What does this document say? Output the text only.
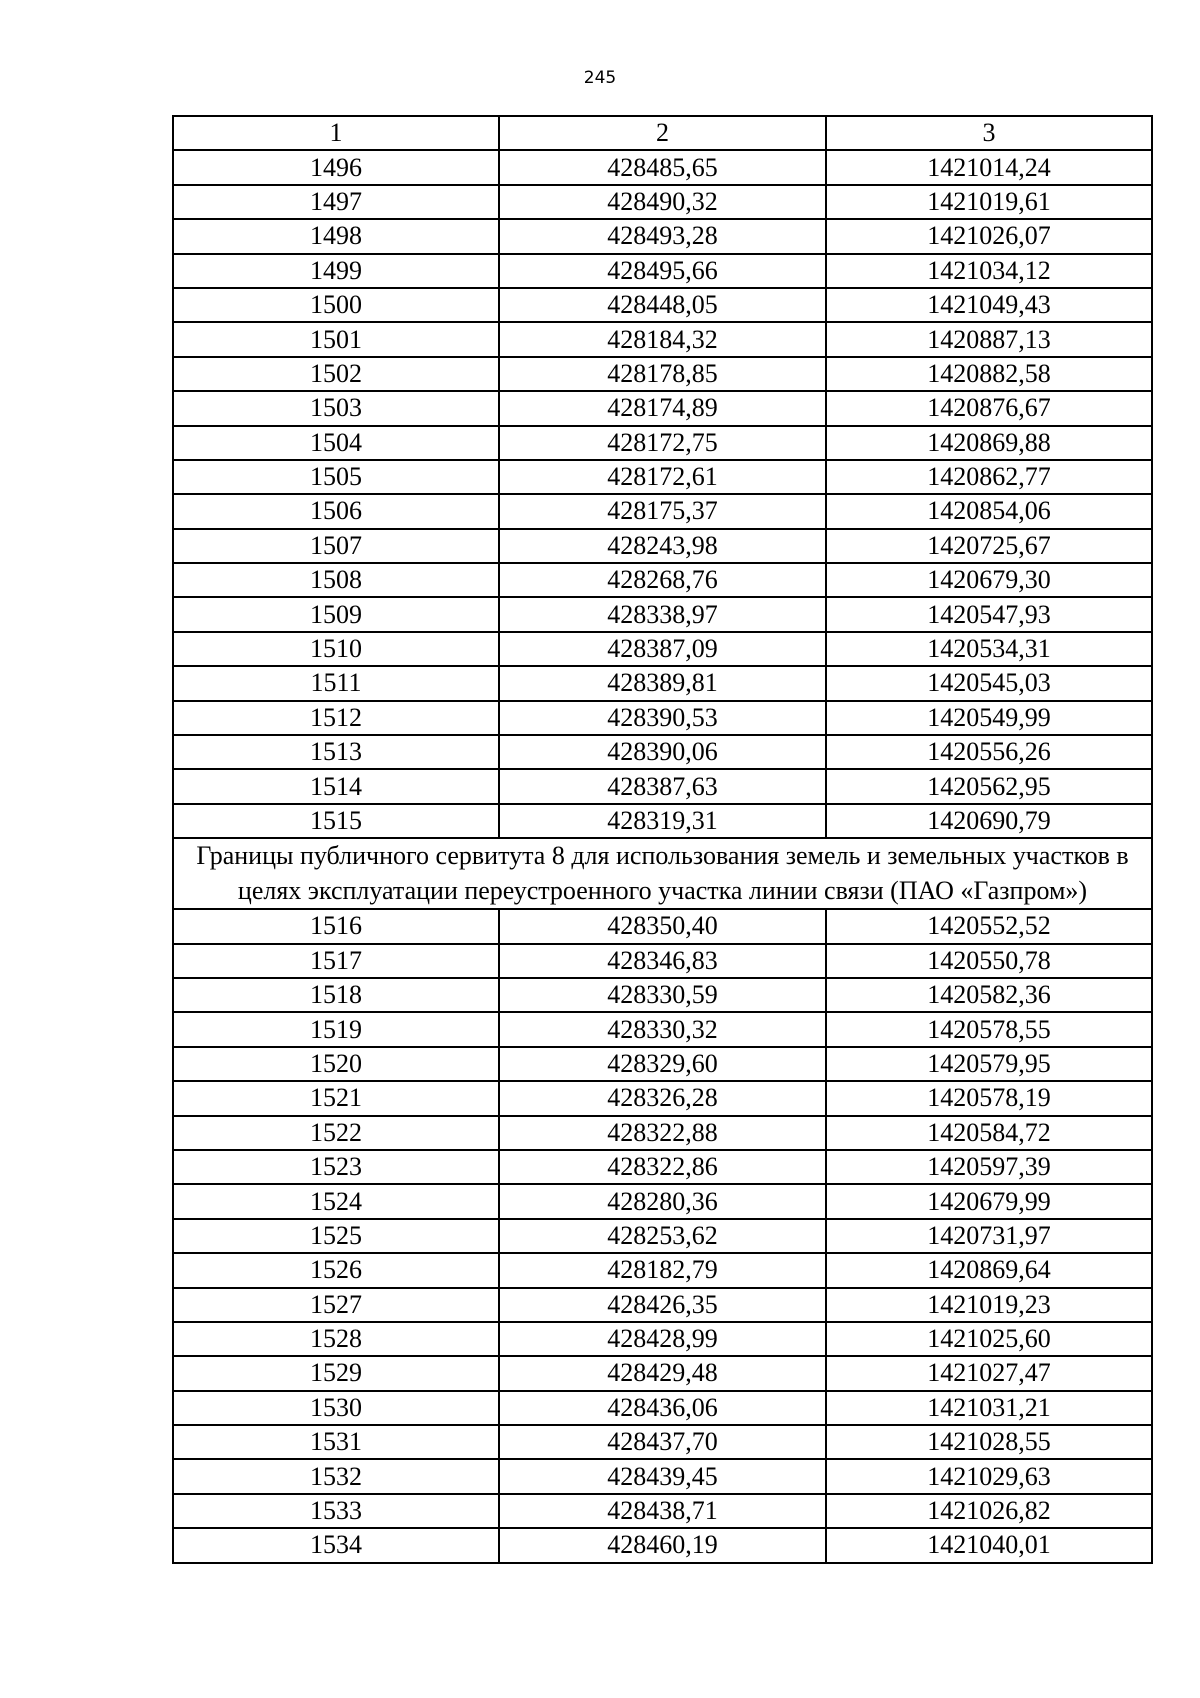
245
1	2	3
1496	428485,65	1421014,24
1497	428490,32	1421019,61
1498	428493,28	1421026,07
1499	428495,66	1421034,12
1500	428448,05	1421049,43
1501	428184,32	1420887,13
1502	428178,85	1420882,58
1503	428174,89	1420876,67
1504	428172,75	1420869,88
1505	428172,61	1420862,77
1506	428175,37	1420854,06
1507	428243,98	1420725,67
1508	428268,76	1420679,30
1509	428338,97	1420547,93
1510	428387,09	1420534,31
1511	428389,81	1420545,03
1512	428390,53	1420549,99
1513	428390,06	1420556,26
1514	428387,63	1420562,95
1515	428319,31	1420690,79
Границы публичного сервитута 8 для использования земель и земельных участков в целях эксплуатации переустроенного участка линии связи (ПАО «Газпром»)		
1516	428350,40	1420552,52
1517	428346,83	1420550,78
1518	428330,59	1420582,36
1519	428330,32	1420578,55
1520	428329,60	1420579,95
1521	428326,28	1420578,19
1522	428322,88	1420584,72
1523	428322,86	1420597,39
1524	428280,36	1420679,99
1525	428253,62	1420731,97
1526	428182,79	1420869,64
1527	428426,35	1421019,23
1528	428428,99	1421025,60
1529	428429,48	1421027,47
1530	428436,06	1421031,21
1531	428437,70	1421028,55
1532	428439,45	1421029,63
1533	428438,71	1421026,82
1534	428460,19	1421040,01
